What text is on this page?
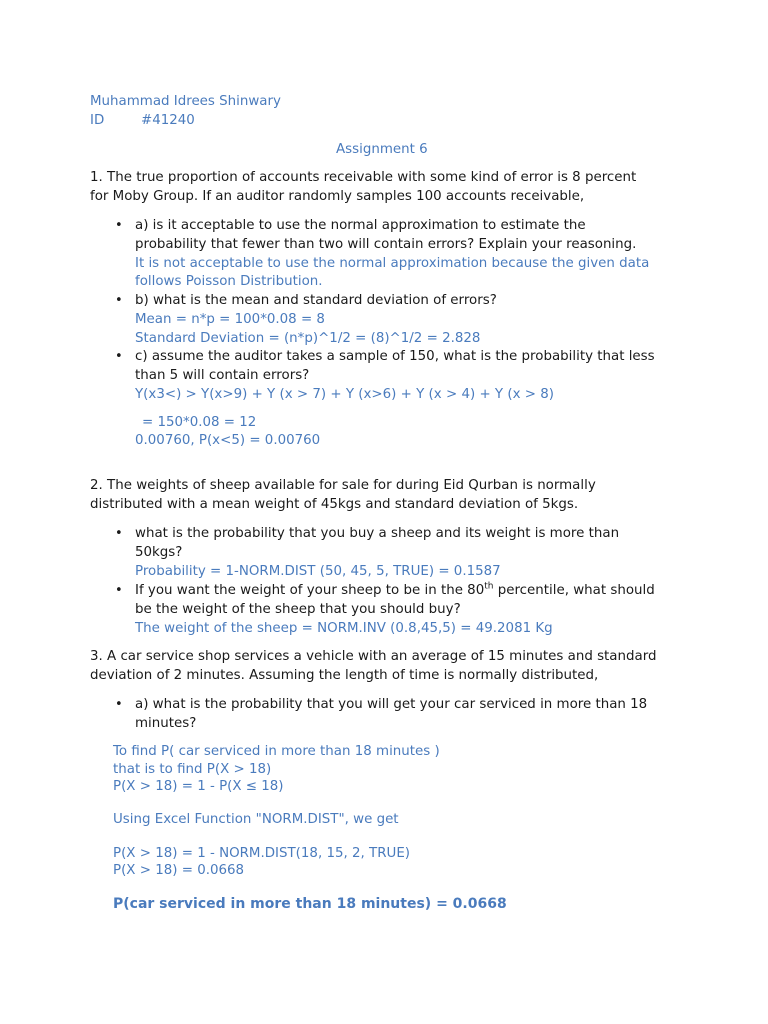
Muhammad Idrees Shinwary
ID	#41240
Assignment 6
1. The true proportion of accounts receivable with some kind of error is 8 percent
for Moby Group. If an auditor randomly samples 100 accounts receivable,
• a) is it acceptable to use the normal approximation to estimate the
probability that fewer than two will contain errors? Explain your reasoning.
It is not acceptable to use the normal approximation because the given data
follows Poisson Distribution.
• b) what is the mean and standard deviation of errors?
Mean = n*p = 100*0.08 = 8
Standard Deviation = (n*p)^1/2 = (8)^1/2 = 2.828
• c) assume the auditor takes a sample of 150, what is the probability that less
than 5 will contain errors?
Y(x3<) > Y(x>9) + Y (x > 7) + Y (x>6) + Y (x > 4) + Y (x > 8)
= 150*0.08 = 12
0.00760, P(x<5) = 0.00760
2. The weights of sheep available for sale for during Eid Qurban is normally
distributed with a mean weight of 45kgs and standard deviation of 5kgs.
• what is the probability that you buy a sheep and its weight is more than
50kgs?
Probability = 1-NORM.DIST (50, 45, 5, TRUE) = 0.1587
• If you want the weight of your sheep to be in the 80th percentile, what should
be the weight of the sheep that you should buy?
The weight of the sheep = NORM.INV (0.8,45,5) = 49.2081 Kg
3. A car service shop services a vehicle with an average of 15 minutes and standard
deviation of 2 minutes. Assuming the length of time is normally distributed,
• a) what is the probability that you will get your car serviced in more than 18
minutes?
To find P( car serviced in more than 18 minutes )
that is to find P(X > 18)
P(X > 18) = 1 - P(X ≤ 18)
Using Excel Function "NORM.DIST", we get
P(X > 18) = 1 - NORM.DIST(18, 15, 2, TRUE)
P(X > 18) = 0.0668
P(car serviced in more than 18 minutes) = 0.0668
